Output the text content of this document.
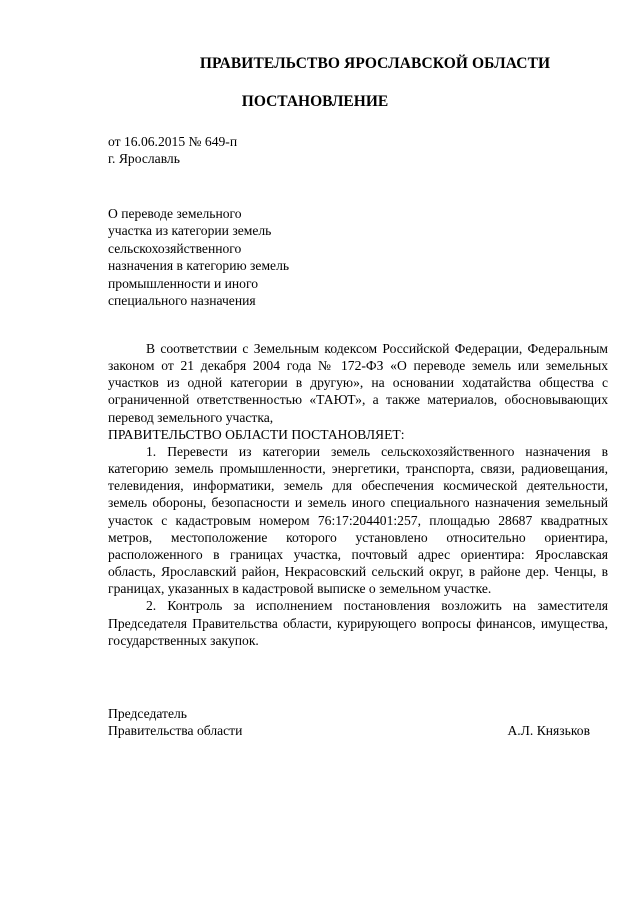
ПРАВИТЕЛЬСТВО ЯРОСЛАВСКОЙ ОБЛАСТИ
ПОСТАНОВЛЕНИЕ
от 16.06.2015 № 649-п
г. Ярославль
О переводе земельного
участка из категории земель
сельскохозяйственного
назначения в категорию земель
промышленности и иного
специального назначения

В соответствии с Земельным кодексом Российской Федерации, Федеральным законом от 21 декабря 2004 года № 172-ФЗ «О переводе земель или земельных участков из одной категории в другую», на основании ходатайства общества с ограниченной ответственностью «ТАЮТ», а также материалов, обосновывающих перевод земельного участка,

ПРАВИТЕЛЬСТВО ОБЛАСТИ ПОСТАНОВЛЯЕТ:

1. Перевести из категории земель сельскохозяйственного назначения в категорию земель промышленности, энергетики, транспорта, связи, радиовещания, телевидения, информатики, земель для обеспечения космической деятельности, земель обороны, безопасности и земель иного специального назначения земельный участок с кадастровым номером 76:17:204401:257, площадью 28687 квадратных метров, местоположение которого установлено относительно ориентира, расположенного в границах участка, почтовый адрес ориентира: Ярославская область, Ярославский район, Некрасовский сельский округ, в районе дер. Ченцы, в границах, указанных в кадастровой выписке о земельном участке.

2. Контроль за исполнением постановления возложить на заместителя Председателя Правительства области, курирующего вопросы финансов, имущества, государственных закупок.

Председатель
Правительства области	А.Л. Князьков
